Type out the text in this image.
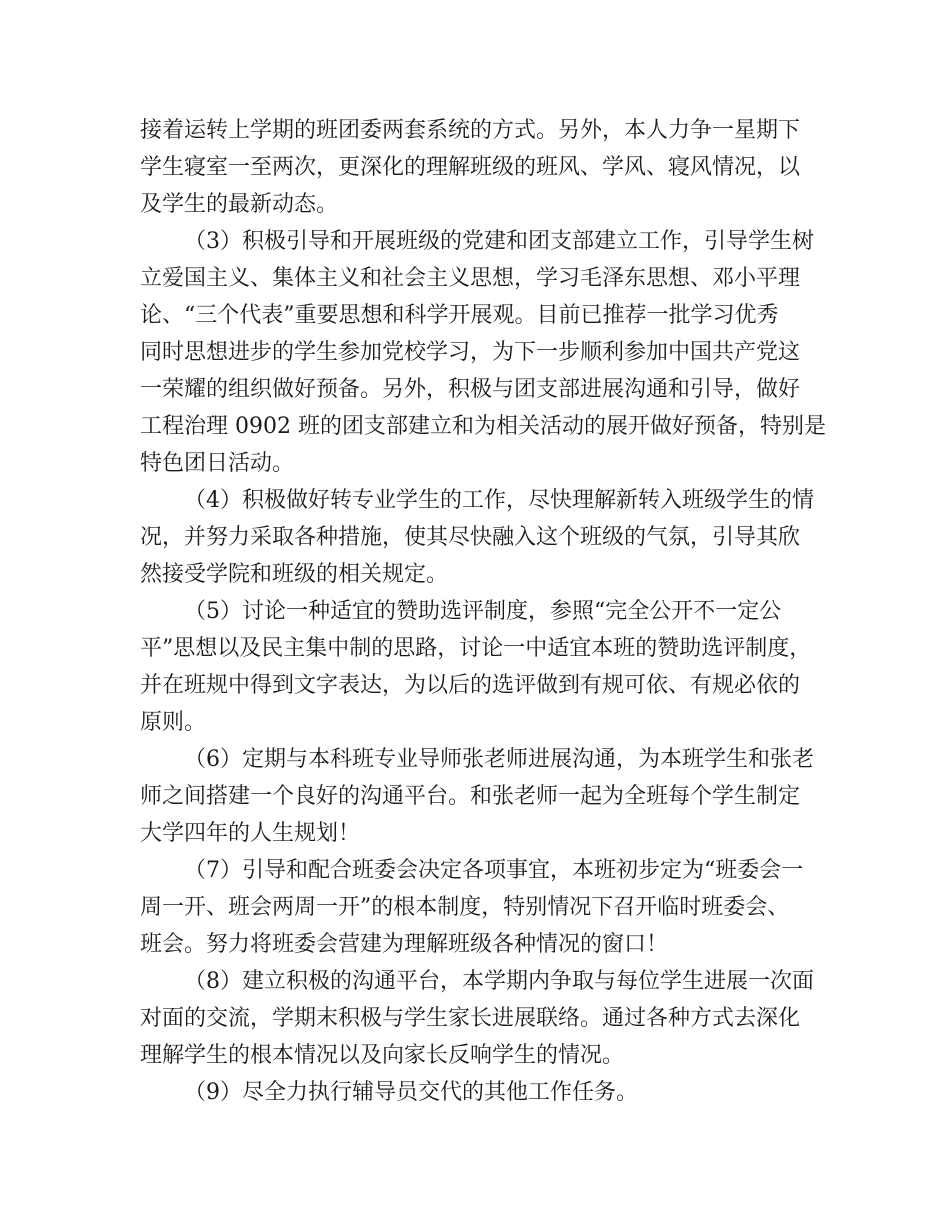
接着运转上学期的班团委两套系统的方式。另外，本人力争一星期下
学生寝室一至两次，更深化的理解班级的班风、学风、寝风情况，以
及学生的最新动态。
（3）积极引导和开展班级的党建和团支部建立工作，引导学生树
立爱国主义、集体主义和社会主义思想，学习毛泽东思想、邓小平理
论、“三个代表”重要思想和科学开展观。目前已推荐一批学习优秀
同时思想进步的学生参加党校学习，为下一步顺利参加中国共产党这
一荣耀的组织做好预备。另外，积极与团支部进展沟通和引导，做好
工程治理 0902 班的团支部建立和为相关活动的展开做好预备，特别是
特色团日活动。
（4）积极做好转专业学生的工作，尽快理解新转入班级学生的情
况，并努力采取各种措施，使其尽快融入这个班级的气氛，引导其欣
然接受学院和班级的相关规定。
（5）讨论一种适宜的赞助选评制度，参照“完全公开不一定公
平”思想以及民主集中制的思路，讨论一中适宜本班的赞助选评制度，
并在班规中得到文字表达，为以后的选评做到有规可依、有规必依的
原则。
（6）定期与本科班专业导师张老师进展沟通，为本班学生和张老
师之间搭建一个良好的沟通平台。和张老师一起为全班每个学生制定
大学四年的人生规划！
（7）引导和配合班委会决定各项事宜，本班初步定为“班委会一
周一开、班会两周一开”的根本制度，特别情况下召开临时班委会、
班会。努力将班委会营建为理解班级各种情况的窗口！
（8）建立积极的沟通平台，本学期内争取与每位学生进展一次面
对面的交流，学期末积极与学生家长进展联络。通过各种方式去深化
理解学生的根本情况以及向家长反响学生的情况。
（9）尽全力执行辅导员交代的其他工作任务。
